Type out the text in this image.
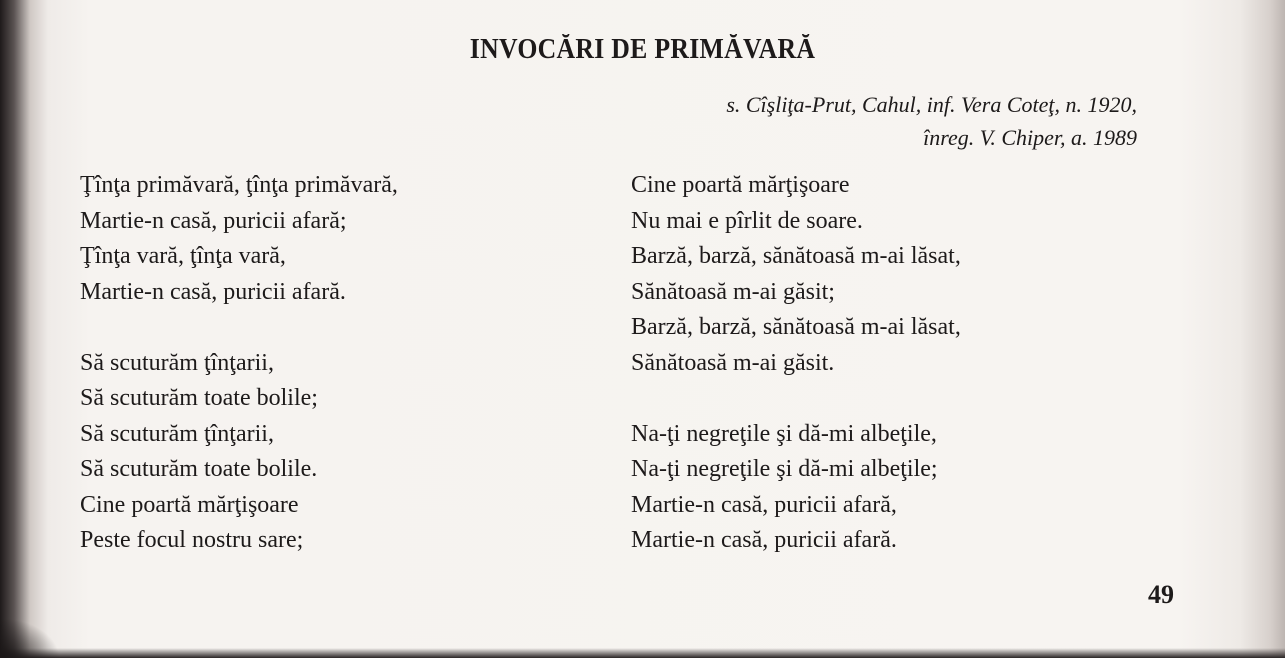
INVOCĂRI DE PRIMĂVARĂ
s. Cîşliţa-Prut, Cahul, inf. Vera Coteţ, n. 1920,
înreg. V. Chiper, a. 1989
Ţînţa primăvară, ţînţa primăvară,
Martie-n casă, puricii afară;
Ţînţa vară, ţînţa vară,
Martie-n casă, puricii afară.
Să scuturăm ţînţarii,
Să scuturăm toate bolile;
Să scuturăm ţînţarii,
Să scuturăm toate bolile.
Cine poartă mărţişoare
Peste focul nostru sare;
Cine poartă mărţişoare
Nu mai e pîrlit de soare.
Barză, barză, sănătoasă m-ai lăsat,
Sănătoasă m-ai găsit;
Barză, barză, sănătoasă m-ai lăsat,
Sănătoasă m-ai găsit.
Na-ţi negreţile şi dă-mi albeţile,
Na-ţi negreţile şi dă-mi albeţile;
Martie-n casă, puricii afară,
Martie-n casă, puricii afară.
49
